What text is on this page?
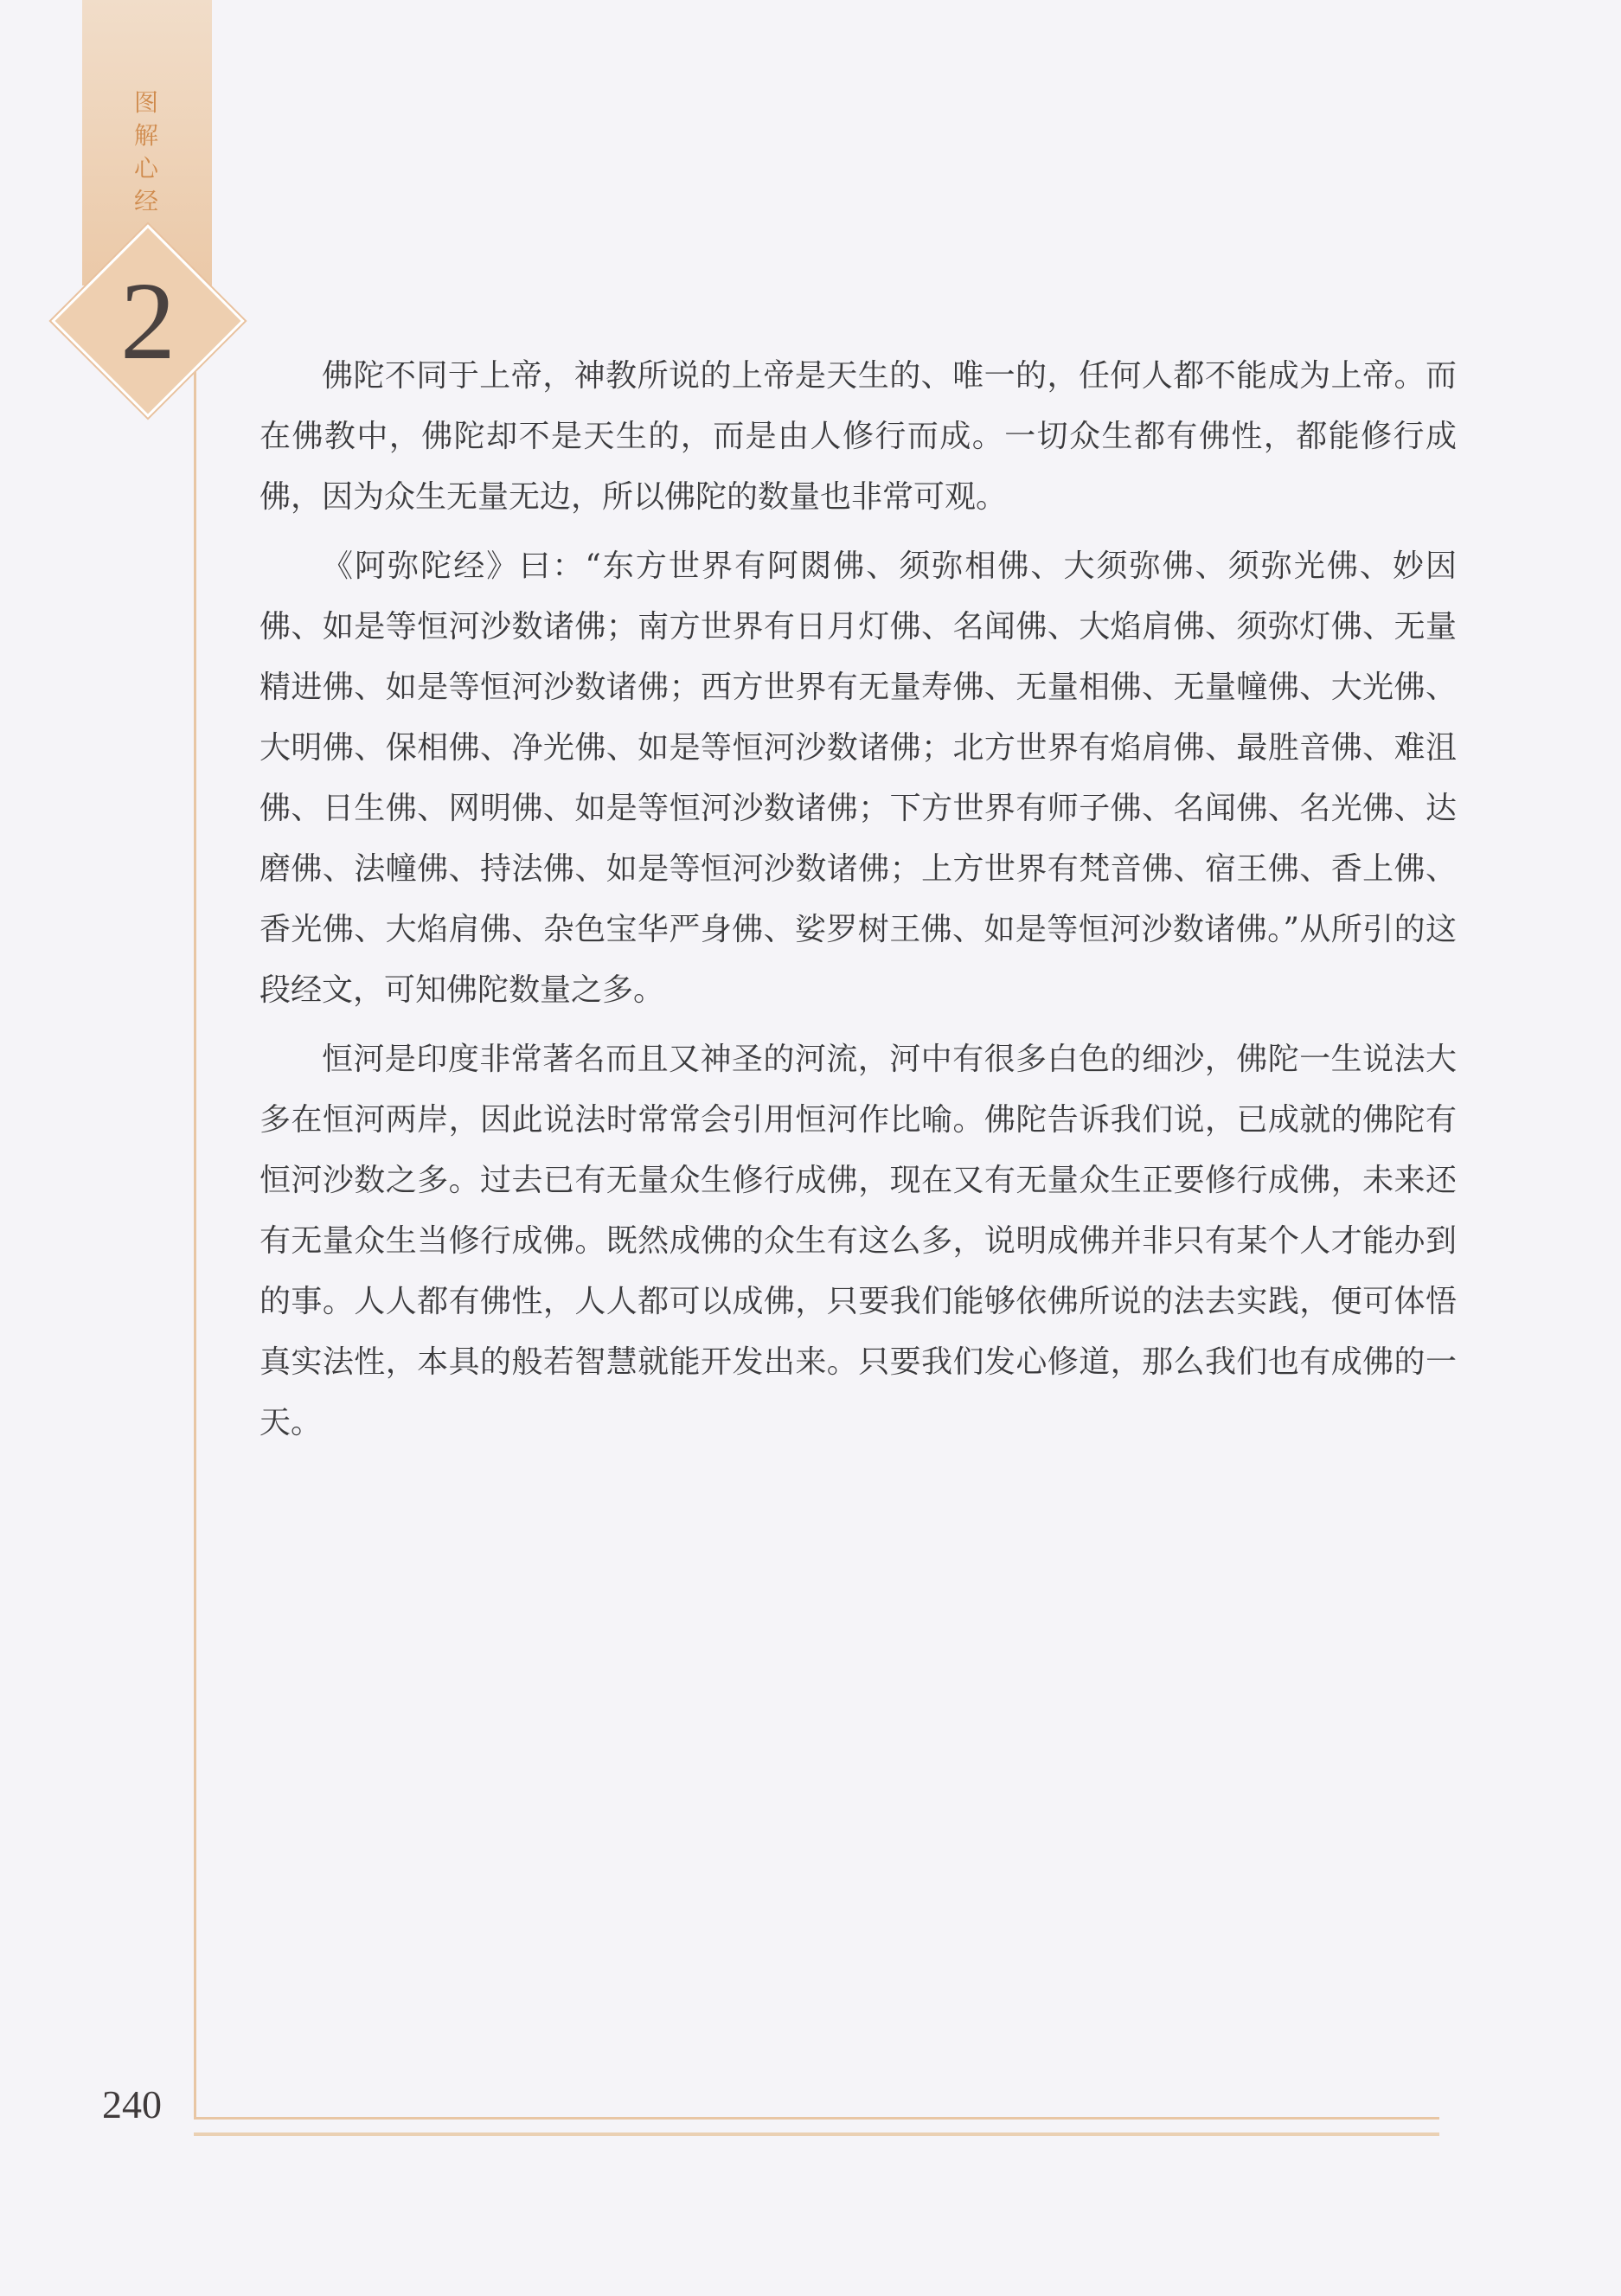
图
解
心
经
2	佛陀不同于上帝，神教所说的上帝是天生的、唯一的，任何人都不能成为上帝。而在佛教中，佛陀却不是天生的，而是由人修行而成。一切众生都有佛性，都能修行成佛，因为众生无量无边，所以佛陀的数量也非常可观。

《阿弥陀经》曰：“东方世界有阿閦佛、须弥相佛、大须弥佛、须弥光佛、妙因佛、如是等恒河沙数诸佛；南方世界有日月灯佛、名闻佛、大焰肩佛、须弥灯佛、无量精进佛、如是等恒河沙数诸佛；西方世界有无量寿佛、无量相佛、无量幢佛、大光佛、大明佛、保相佛、净光佛、如是等恒河沙数诸佛；北方世界有焰肩佛、最胜音佛、难沮佛、日生佛、网明佛、如是等恒河沙数诸佛；下方世界有师子佛、名闻佛、名光佛、达磨佛、法幢佛、持法佛、如是等恒河沙数诸佛；上方世界有梵音佛、宿王佛、香上佛、香光佛、大焰肩佛、杂色宝华严身佛、娑罗树王佛、如是等恒河沙数诸佛。”从所引的这段经文，可知佛陀数量之多。

恒河是印度非常著名而且又神圣的河流，河中有很多白色的细沙，佛陀一生说法大多在恒河两岸，因此说法时常常会引用恒河作比喻。佛陀告诉我们说，已成就的佛陀有恒河沙数之多。过去已有无量众生修行成佛，现在又有无量众生正要修行成佛，未来还有无量众生当修行成佛。既然成佛的众生有这么多，说明成佛并非只有某个人才能办到的事。人人都有佛性，人人都可以成佛，只要我们能够依佛所说的法去实践，便可体悟真实法性，本具的般若智慧就能开发出来。只要我们发心修道，那么我们也有成佛的一天。

240
